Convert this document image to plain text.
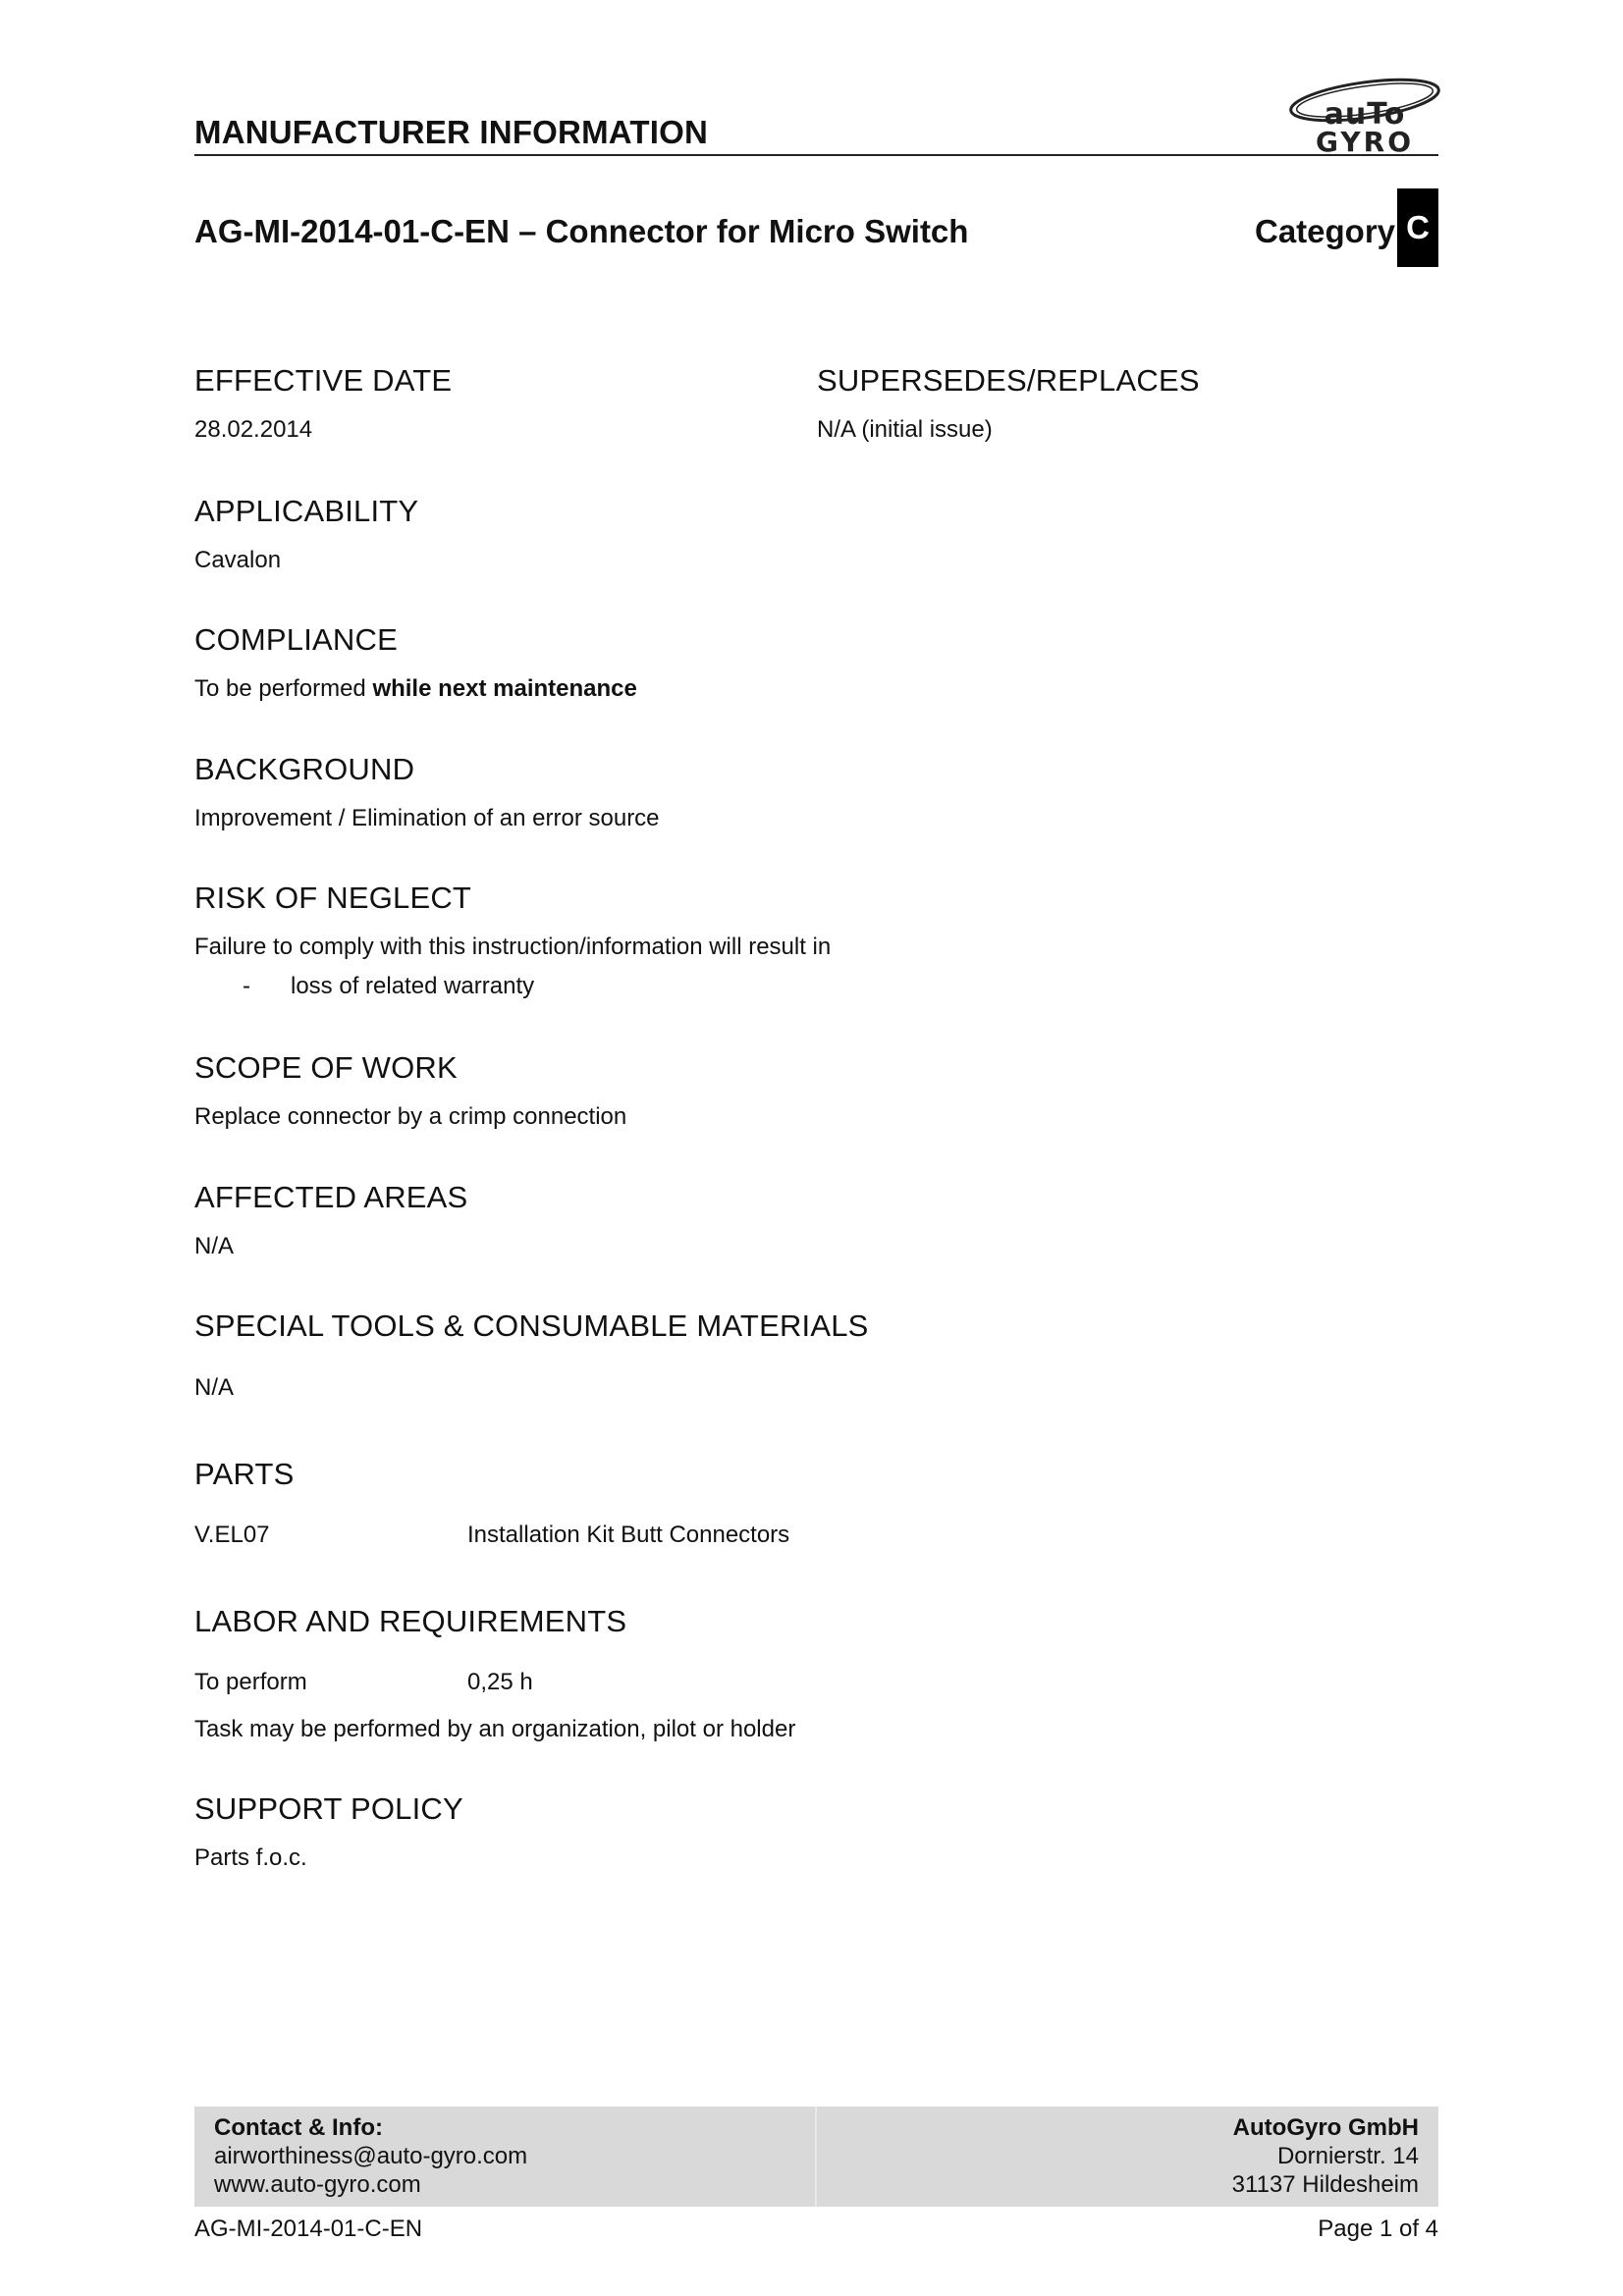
MANUFACTURER INFORMATION	auTo
GYRO
AG-MI-2014-01-C-EN – Connector for Micro Switch	Category C
EFFECTIVE DATE
28.02.2014
SUPERSEDES/REPLACES
N/A (initial issue)
APPLICABILITY
Cavalon
COMPLIANCE
To be performed while next maintenance
BACKGROUND
Improvement / Elimination of an error source
RISK OF NEGLECT
Failure to comply with this instruction/information will result in
- loss of related warranty
SCOPE OF WORK
Replace connector by a crimp connection
AFFECTED AREAS
N/A
SPECIAL TOOLS & CONSUMABLE MATERIALS
N/A
PARTS
V.EL07	Installation Kit Butt Connectors
LABOR AND REQUIREMENTS
To perform	0,25 h
Task may be performed by an organization, pilot or holder
SUPPORT POLICY
Parts f.o.c.
Contact & Info:
airworthiness@auto-gyro.com
www.auto-gyro.com
AutoGyro GmbH
Dornierstr. 14
31137 Hildesheim
AG-MI-2014-01-C-EN	Page 1 of 4
